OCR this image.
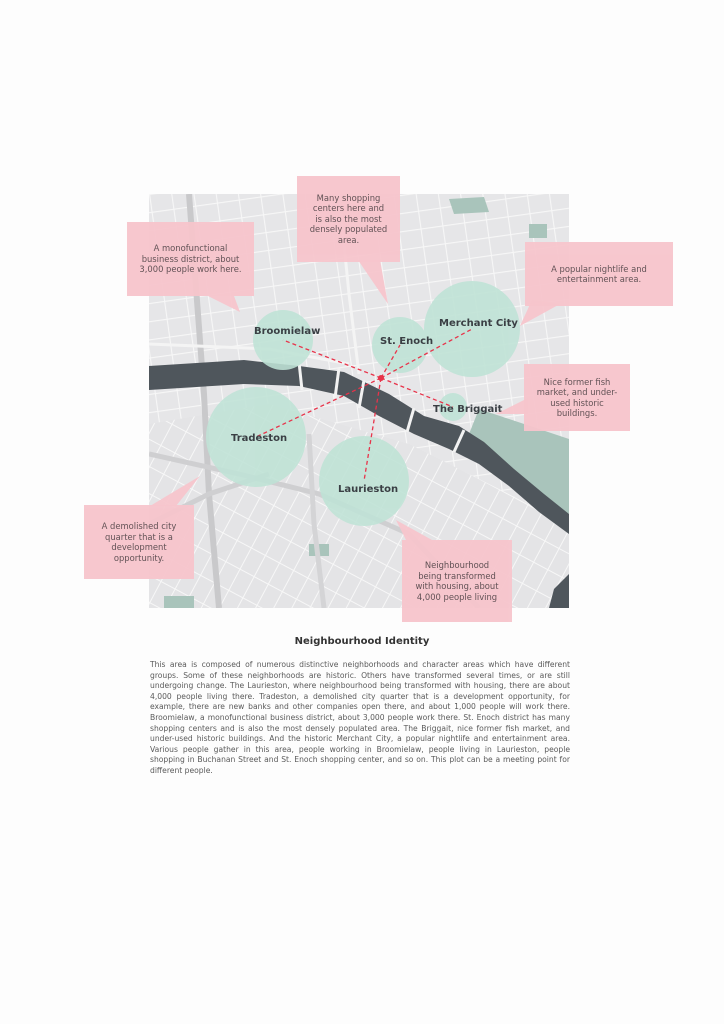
Broomielaw
St. Enoch
Merchant City
The Briggait
Tradeston
Laurieston
A monofunctional business district, about 3,000 people work here.
Many shopping centers here and is also the most densely populated area.
A popular nightlife and entertainment area.
Nice former fish market, and under-used historic buildings.
A demolished city quarter that is a development opportunity.
Neighbourhood being transformed with housing, about 4,000 people living
Neighbourhood Identity

This area is composed of numerous distinctive neighborhoods and character areas which have different groups. Some of these neighborhoods are historic. Others have transformed several times, or are still undergoing change. The Laurieston, where neighbourhood being transformed with housing, there are about 4,000 people living there. Tradeston, a demolished city quarter that is a development opportunity, for example, there are new banks and other companies open there, and about 1,000 people will work there. Broomielaw, a monofunctional business district, about 3,000 people work there. St. Enoch district has many shopping centers and is also the most densely populated area. The Briggait, nice former fish market, and under-used historic buildings. And the historic Merchant City, a popular nightlife and entertainment area. Various people gather in this area, people working in Broomielaw, people living in Laurieston, people shopping in Buchanan Street and St. Enoch shopping center, and so on. This plot can be a meeting point for different people.
